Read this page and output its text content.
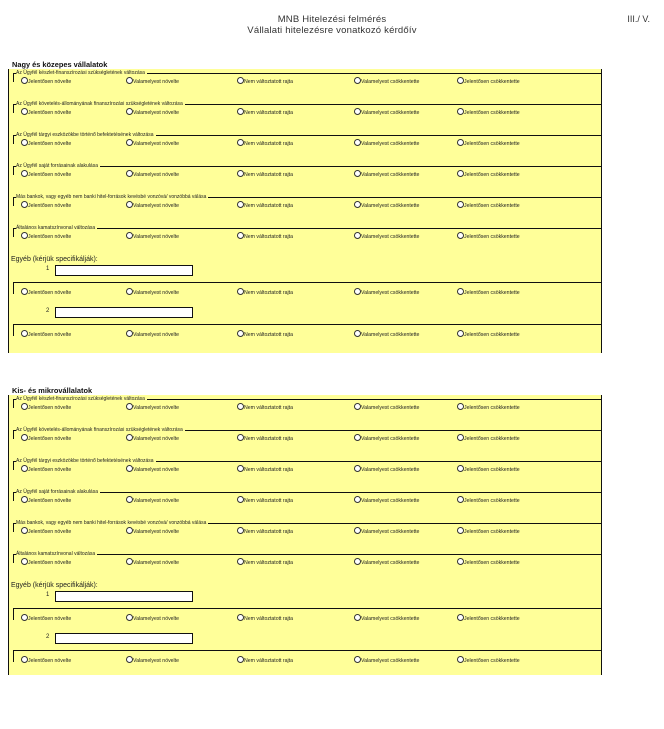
MNB Hitelezési felmérés
Vállalati hitelezésre vonatkozó kérdőív
III./ V.
Nagy és közepes vállalatok
Az Ügyfél készlet-finanszírozási szükségletének változása
Jelentősen növelte	Valamelyest növelte	Nem változtatott rajta	Valamelyest csökkentette	Jelentősen csökkentette
Az Ügyfél követelés-állományának finanszírozási szükségletének változása
Jelentősen növelte	Valamelyest növelte	Nem változtatott rajta	Valamelyest csökkentette	Jelentősen csökkentette
Az Ügyfél tárgyi eszközökbe történő befektetésének változása
Jelentősen növelte	Valamelyest növelte	Nem változtatott rajta	Valamelyest csökkentette	Jelentősen csökkentette
Az Ügyfél saját forrásainak alakulása
Jelentősen növelte	Valamelyest növelte	Nem változtatott rajta	Valamelyest csökkentette	Jelentősen csökkentette
Más bankok, vagy egyéb nem banki hitel-források kevésbé vonzóvá/ vonzóbbá válása
Jelentősen növelte	Valamelyest növelte	Nem változtatott rajta	Valamelyest csökkentette	Jelentősen csökkentette
Általános kamatszínvonal változása
Jelentősen növelte	Valamelyest növelte	Nem változtatott rajta	Valamelyest csökkentette	Jelentősen csökkentette
Egyéb (kérjük specifikálják):
1
Jelentősen növelte	Valamelyest növelte	Nem változtatott rajta	Valamelyest csökkentette	Jelentősen csökkentette
2
Jelentősen növelte	Valamelyest növelte	Nem változtatott rajta	Valamelyest csökkentette	Jelentősen csökkentette
Kis- és mikrovállalatok
Az Ügyfél készlet-finanszírozási szükségletének változása
Jelentősen növelte	Valamelyest növelte	Nem változtatott rajta	Valamelyest csökkentette	Jelentősen csökkentette
Az Ügyfél követelés-állományának finanszírozási szükségletének változása
Jelentősen növelte	Valamelyest növelte	Nem változtatott rajta	Valamelyest csökkentette	Jelentősen csökkentette
Az Ügyfél tárgyi eszközökbe történő befektetésének változása
Jelentősen növelte	Valamelyest növelte	Nem változtatott rajta	Valamelyest csökkentette	Jelentősen csökkentette
Az Ügyfél saját forrásainak alakulása
Jelentősen növelte	Valamelyest növelte	Nem változtatott rajta	Valamelyest csökkentette	Jelentősen csökkentette
Más bankok, vagy egyéb nem banki hitel-források kevésbé vonzóvá/ vonzóbbá válása
Jelentősen növelte	Valamelyest növelte	Nem változtatott rajta	Valamelyest csökkentette	Jelentősen csökkentette
Általános kamatszínvonal változása
Jelentősen növelte	Valamelyest növelte	Nem változtatott rajta	Valamelyest csökkentette	Jelentősen csökkentette
Egyéb (kérjük specifikálják):
1
Jelentősen növelte	Valamelyest növelte	Nem változtatott rajta	Valamelyest csökkentette	Jelentősen csökkentette
2
Jelentősen növelte	Valamelyest növelte	Nem változtatott rajta	Valamelyest csökkentette	Jelentősen csökkentette
